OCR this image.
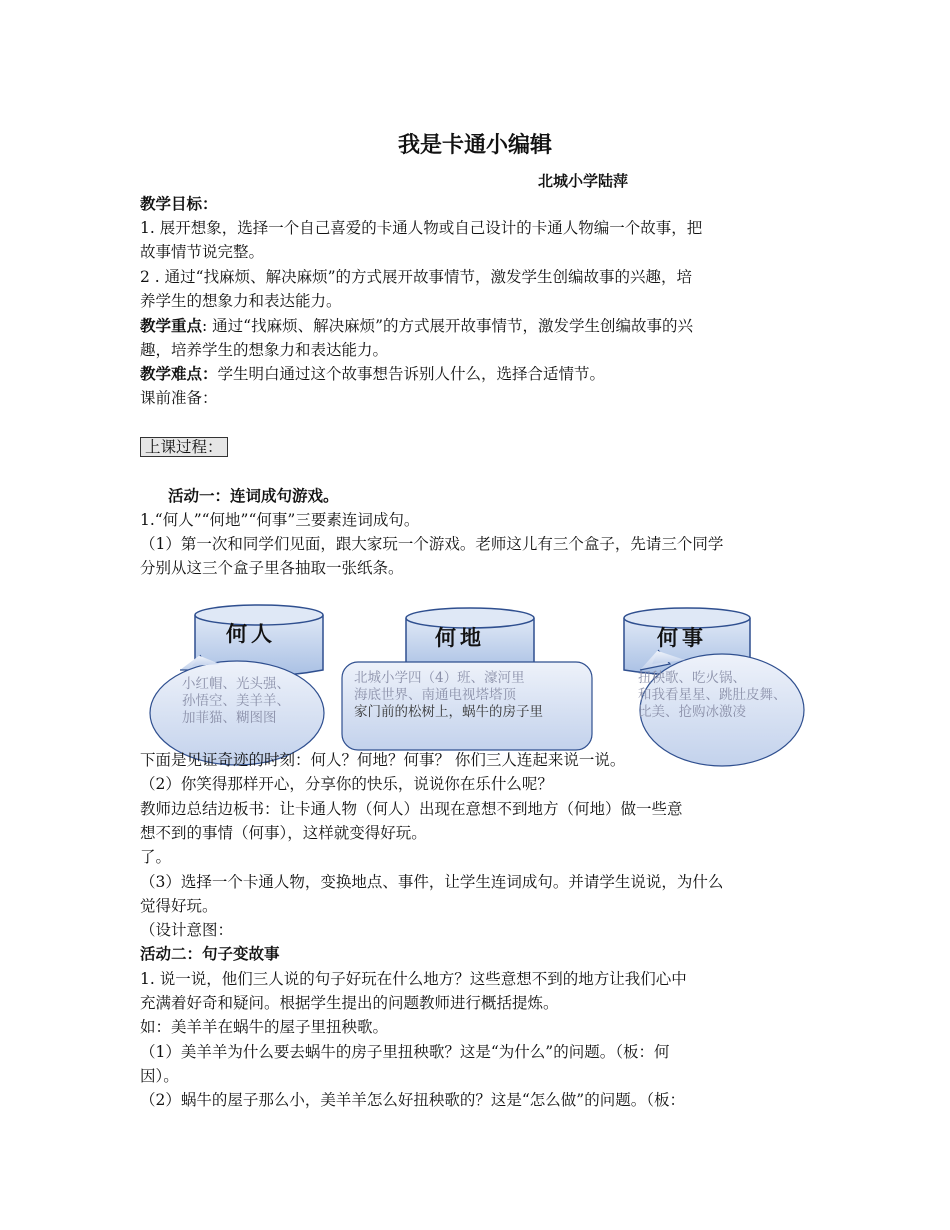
我是卡通小编辑
北城小学陆萍
教学目标：
1. 展开想象，选择一个自己喜爱的卡通人物或自己设计的卡通人物编一个故事，把
故事情节说完整。
2 . 通过“找麻烦、解决麻烦”的方式展开故事情节，激发学生创编故事的兴趣，培
养学生的想象力和表达能力。
教学重点: 通过“找麻烦、解决麻烦”的方式展开故事情节，激发学生创编故事的兴
趣，培养学生的想象力和表达能力。
教学难点：学生明白通过这个故事想告诉别人什么，选择合适情节。
课前准备：
上课过程：
活动一：连词成句游戏。
1.“何人”“何地”“何事”三要素连词成句。
（1）第一次和同学们见面，跟大家玩一个游戏。老师这儿有三个盒子，先请三个同学
分别从这三个盒子里各抽取一张纸条。
何人	何地	何事
小红帽、光头强、
孙悟空、美羊羊、
加菲猫、糊图图
北城小学四（4）班、濠河里
海底世界、南通电视塔塔顶
家门前的松树上，蜗牛的房子里
扭秧歌、吃火锅、
和我看星星、跳肚皮舞、
比美、抢购冰激凌
下面是见证奇迹的时刻：何人？何地？何事？ 你们三人连起来说一说。
（2）你笑得那样开心，分享你的快乐，说说你在乐什么呢？
教师边总结边板书：让卡通人物（何人）出现在意想不到地方（何地）做一些意
想不到的事情（何事），这样就变得好玩。
了。
（3）选择一个卡通人物，变换地点、事件，让学生连词成句。并请学生说说，为什么
觉得好玩。
（设计意图：
活动二：句子变故事
1. 说一说，他们三人说的句子好玩在什么地方？这些意想不到的地方让我们心中
充满着好奇和疑问。根据学生提出的问题教师进行概括提炼。
如：美羊羊在蜗牛的屋子里扭秧歌。
（1）美羊羊为什么要去蜗牛的房子里扭秧歌？这是“为什么”的问题。（板：何
因）。
（2）蜗牛的屋子那么小，美羊羊怎么好扭秧歌的？这是“怎么做”的问题。（板：
